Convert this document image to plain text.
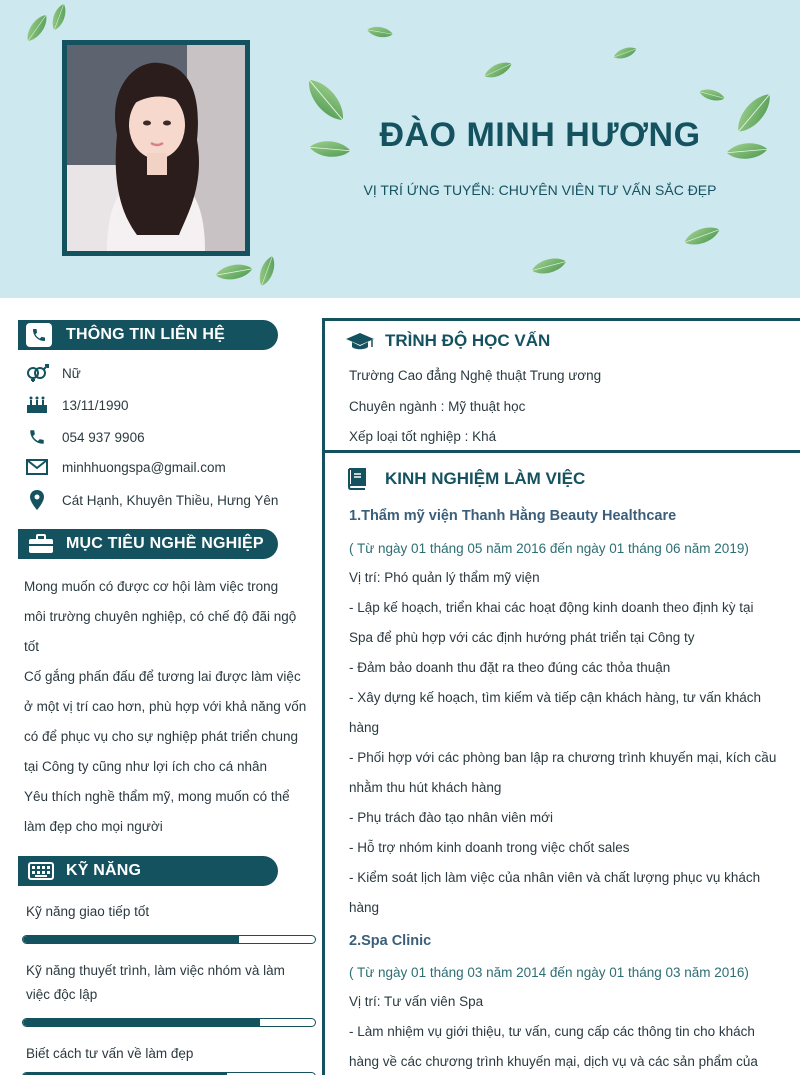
ĐÀO MINH HƯƠNG
VỊ TRÍ ỨNG TUYỂN: CHUYÊN VIÊN TƯ VẤN SẮC ĐẸP
THÔNG TIN LIÊN HỆ
Nữ
13/11/1990
054 937 9906
minhhuongspa@gmail.com
Cát Hạnh, Khuyên Thiều, Hưng Yên
MỤC TIÊU NGHỀ NGHIỆP
Mong muốn có được cơ hội làm việc trong
môi trường chuyên nghiệp, có chế độ đãi ngộ
tốt
Cố gắng phấn đấu để tương lai được làm việc
ở một vị trí cao hơn, phù hợp với khả năng vốn
có để phục vụ cho sự nghiệp phát triển chung
tại Công ty cũng như lợi ích cho cá nhân
Yêu thích nghề thẩm mỹ, mong muốn có thể
làm đẹp cho mọi người
KỸ NĂNG
Kỹ năng giao tiếp tốt
Kỹ năng thuyết trình, làm việc nhóm và làm
việc độc lập
Biết cách tư vấn về làm đẹp
TRÌNH ĐỘ HỌC VẤN
Trường Cao đẳng Nghệ thuật Trung ương
Chuyên ngành : Mỹ thuật học
Xếp loại tốt nghiệp : Khá
KINH NGHIỆM LÀM VIỆC
1.Thẩm mỹ viện Thanh Hằng Beauty Healthcare
( Từ ngày 01 tháng 05 năm 2016 đến ngày 01 tháng 06 năm 2019)
Vị trí: Phó quản lý thẩm mỹ viện
- Lập kế hoạch, triển khai các hoạt động kinh doanh theo định kỳ tại
Spa để phù hợp với các định hướng phát triển tại Công ty
- Đảm bảo doanh thu đặt ra theo đúng các thỏa thuận
- Xây dựng kế hoạch, tìm kiếm và tiếp cận khách hàng, tư vấn khách
hàng
- Phối hợp với các phòng ban lập ra chương trình khuyến mại, kích cầu
nhằm thu hút khách hàng
- Phụ trách đào tạo nhân viên mới
- Hỗ trợ nhóm kinh doanh trong việc chốt sales
- Kiểm soát lịch làm việc của nhân viên và chất lượng phục vụ khách
hàng
2.Spa Clinic
( Từ ngày 01 tháng 03 năm 2014 đến ngày 01 tháng 03 năm 2016)
Vị trí: Tư vấn viên Spa
- Làm nhiệm vụ giới thiệu, tư vấn, cung cấp các thông tin cho khách
hàng về các chương trình khuyến mại, dịch vụ và các sản phẩm của
